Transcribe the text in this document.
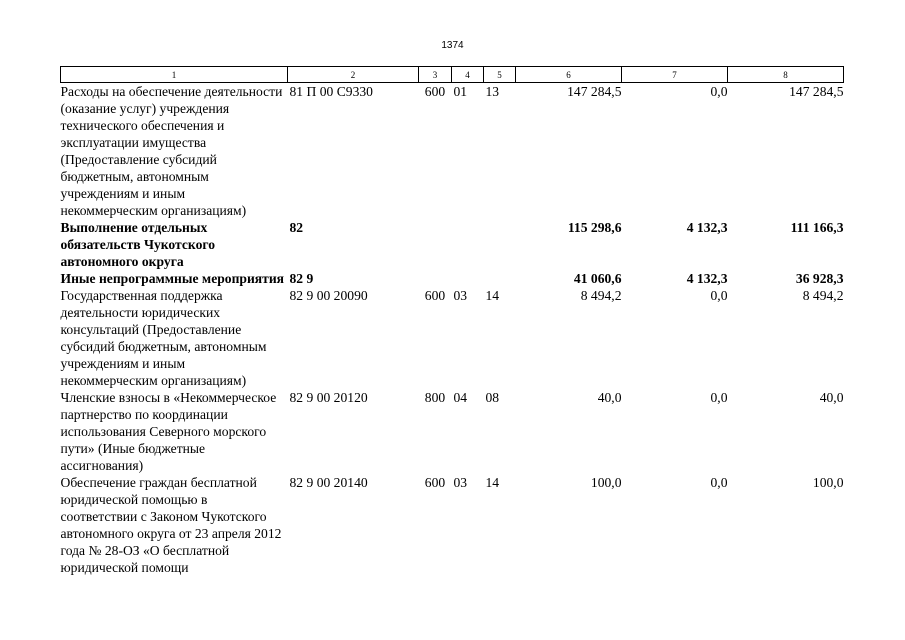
1374
1	2	3	4	5	6	7	8
Расходы на обеспечение деятельности (оказание услуг) учреждения технического обеспечения и эксплуатации имущества (Предоставление субсидий бюджетным, автономным учреждениям и иным некоммерческим организациям)	81 П 00 С9330	600	01	13	147 284,5	0,0	147 284,5
Выполнение отдельных обязательств Чукотского автономного округа	82				115 298,6	4 132,3	111 166,3
Иные непрограммные мероприятия	82 9				41 060,6	4 132,3	36 928,3
Государственная поддержка деятельности юридических консультаций (Предоставление субсидий бюджетным, автономным учреждениям и иным некоммерческим организациям)	82 9 00 20090	600	03	14	8 494,2	0,0	8 494,2
Членские взносы в «Некоммерческое партнерство по координации использования Северного морского пути» (Иные бюджетные ассигнования)	82 9 00 20120	800	04	08	40,0	0,0	40,0
Обеспечение граждан бесплатной юридической помощью в соответствии с Законом Чукотского автономного округа от 23 апреля 2012 года № 28-ОЗ «О бесплатной юридической помощи	82 9 00 20140	600	03	14	100,0	0,0	100,0
